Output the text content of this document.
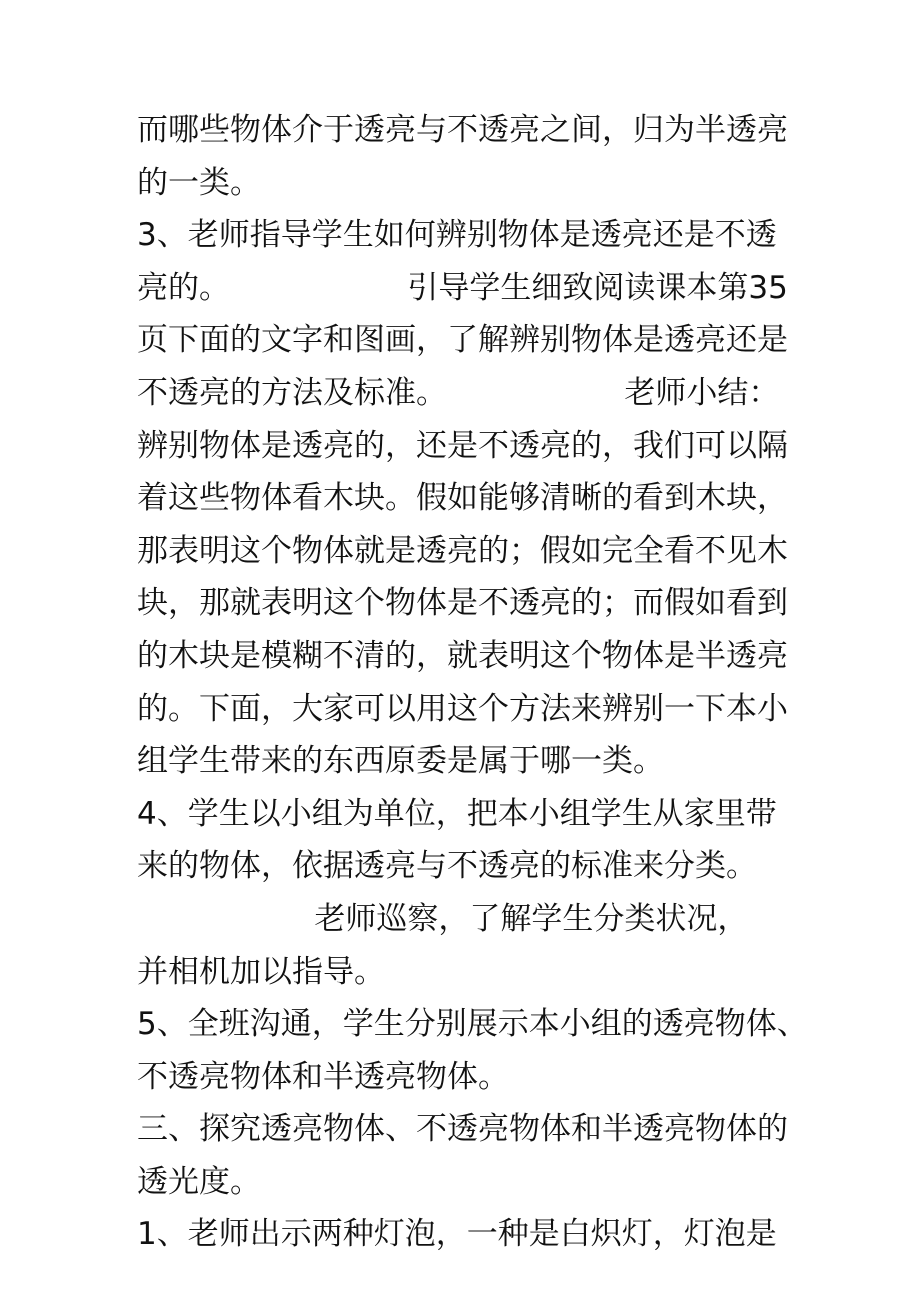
而哪些物体介于透亮与不透亮之间，归为半透亮
的一类。
3、老师指导学生如何辨别物体是透亮还是不透
亮的。                  引导学生细致阅读课本第35
页下面的文字和图画，了解辨别物体是透亮还是
不透亮的方法及标准。                  老师小结：
辨别物体是透亮的，还是不透亮的，我们可以隔
着这些物体看木块。假如能够清晰的看到木块，
那表明这个物体就是透亮的；假如完全看不见木
块，那就表明这个物体是不透亮的；而假如看到
的木块是模糊不清的，就表明这个物体是半透亮
的。下面，大家可以用这个方法来辨别一下本小
组学生带来的东西原委是属于哪一类。
4、学生以小组为单位，把本小组学生从家里带
来的物体，依据透亮与不透亮的标准来分类。
老师巡察，了解学生分类状况，
并相机加以指导。
5、全班沟通，学生分别展示本小组的透亮物体、
不透亮物体和半透亮物体。
三、探究透亮物体、不透亮物体和半透亮物体的
透光度。
1、老师出示两种灯泡，一种是白炽灯，灯泡是
